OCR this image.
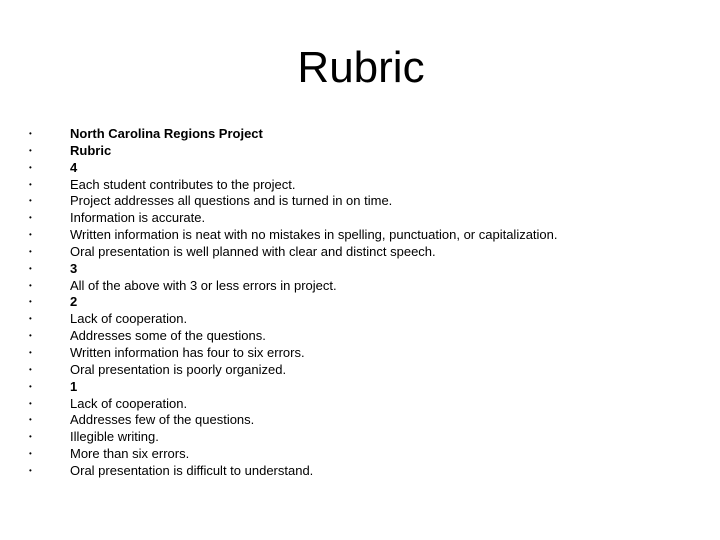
Rubric
•	North Carolina Regions Project
•	Rubric
•	4
•	Each student contributes to the project.
•	Project addresses all questions and is turned in on time.
•	Information is accurate.
•	Written information is neat with no mistakes in spelling, punctuation, or capitalization.
•	Oral presentation is well planned with clear and distinct speech.
•	3
•	All of the above with 3 or less errors in project.
•	2
•	Lack of cooperation.
•	Addresses some of the questions.
•	Written information has four to six errors.
•	Oral presentation is poorly organized.
•	1
•	Lack of cooperation.
•	Addresses few of the questions.
•	Illegible writing.
•	More than six errors.
•	Oral presentation is difficult to understand.
